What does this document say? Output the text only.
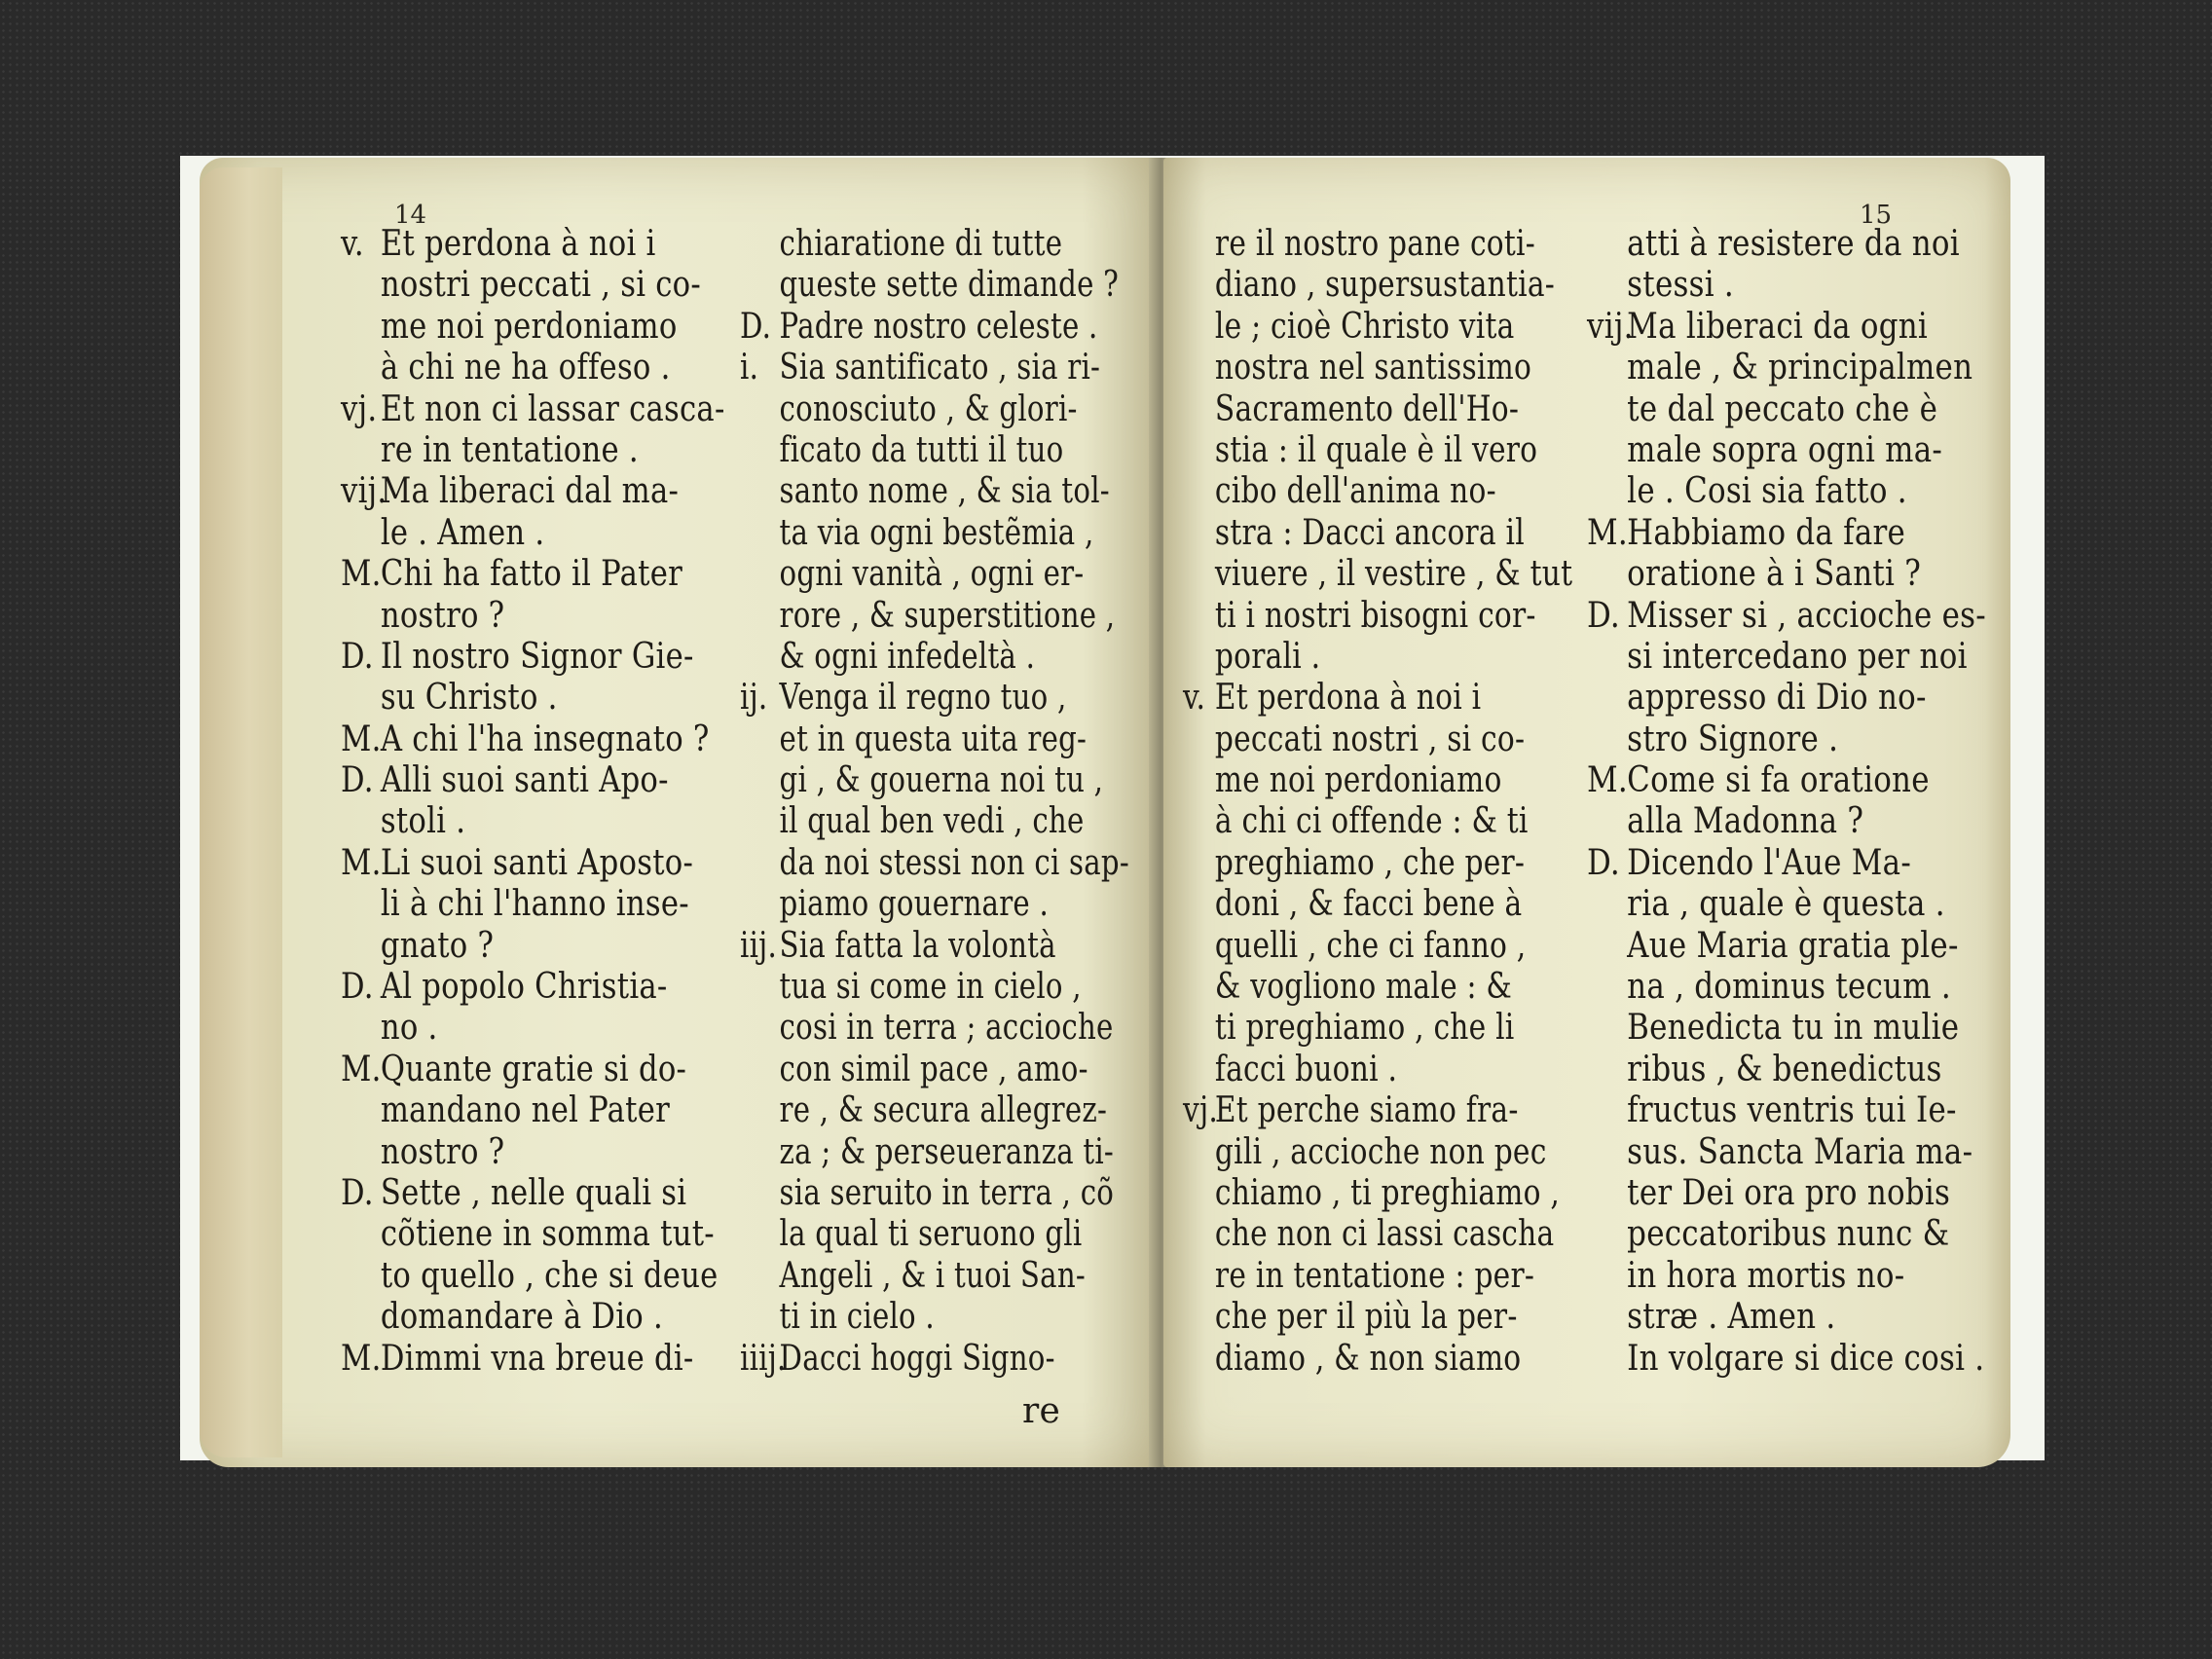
14
v. Et perdona à noi i
nostri peccati , si co-
me noi perdoniamo
à chi ne ha offeso .
vj. Et non ci lassar casca-
re in tentatione .
vij.
Ma liberaci dal ma-
le . Amen .
M. Chi ha fatto il Pater
nostro ?
D. Il nostro Signor Gie-
su Christo .
M. A chi l'ha insegnato ?
D. Alli suoi santi Apo-
stoli .
M. Li suoi santi Aposto-
li à chi l'hanno inse-
gnato ?
D. Al popolo Christia-
no .
M. Quante gratie si do-
mandano nel Pater
nostro ?
D. Sette , nelle quali si
cõtiene in somma tut-
to quello , che si deue
domandare à Dio .
M. Dimmi vna breue di-
chiaratione di tutte
queste sette dimande ?
D. Padre nostro celeste .
i. Sia santificato , sia ri-
conosciuto , & glori-
ficato da tutti il tuo
santo nome , & sia tol-
ta via ogni bestẽmia ,
ogni vanità , ogni er-
rore , & superstitione ,
& ogni infedeltà .
ij. Venga il regno tuo ,
et in questa uita reg-
gi , & gouerna noi tu ,
il qual ben vedi , che
da noi stessi non ci sap-
piamo gouernare .
iij. Sia fatta la volontà
tua si come in cielo ,
cosi in terra ; accioche
con simil pace , amo-
re , & secura allegrez-
za ; & perseueranza ti-
sia seruito in terra , cõ
la qual ti seruono gli
Angeli , & i tuoi San-
ti in cielo .
iiij.
Dacci hoggi Signo-
re
15
re il nostro pane coti-
diano , supersustantia-
le ; cioè Christo vita
nostra nel santissimo
Sacramento dell'Ho-
stia : il quale è il vero
cibo dell'anima no-
stra : Dacci ancora il
viuere , il vestire , & tut
ti i nostri bisogni cor-
porali .
v. Et perdona à noi i
peccati nostri , si co-
me noi perdoniamo
à chi ci offende : & ti
preghiamo , che per-
doni , & facci bene à
quelli , che ci fanno ,
& vogliono male : &
ti preghiamo , che li
facci buoni .
vj.
Et perche siamo fra-
gili , accioche non pec
chiamo , ti preghiamo ,
che non ci lassi cascha
re in tentatione : per-
che per il più la per-
diamo , & non siamo
atti à resistere da noi
stessi .
vij.
Ma liberaci da ogni
male , & principalmen
te dal peccato che è
male sopra ogni ma-
le . Cosi sia fatto .
M. Habbiamo da fare
oratione à i Santi ?
D. Misser si , accioche es-
si intercedano per noi
appresso di Dio no-
stro Signore .
M. Come si fa oratione
alla Madonna ?
D. Dicendo l'Aue Ma-
ria , quale è questa .
Aue Maria gratia ple-
na , dominus tecum .
Benedicta tu in mulie
ribus , & benedictus
fructus ventris tui Ie-
sus. Sancta Maria ma-
ter Dei ora pro nobis
peccatoribus nunc &
in hora mortis no-
stræ . Amen .
In volgare si dice cosi .
